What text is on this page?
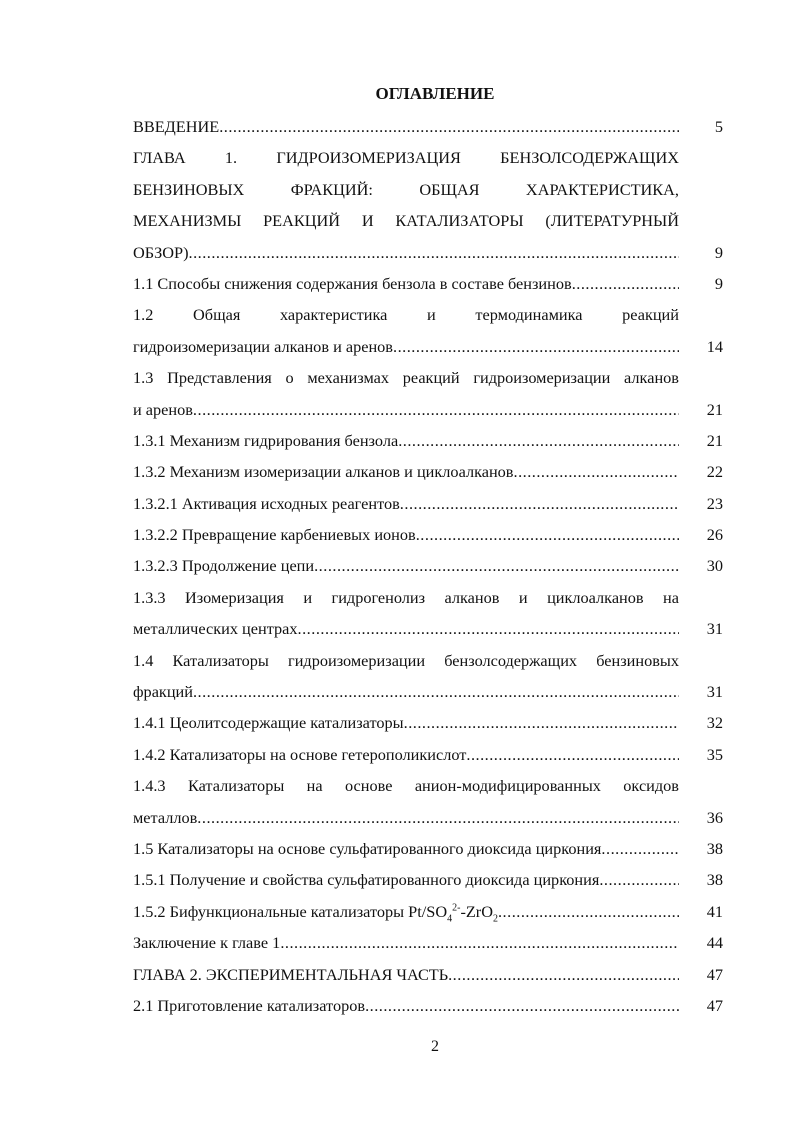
ОГЛАВЛЕНИЕ
ВВЕДЕНИЕ .....	5
ГЛАВА 1. ГИДРОИЗОМЕРИЗАЦИЯ БЕНЗОЛСОДЕРЖАЩИХ
БЕНЗИНОВЫХ ФРАКЦИЙ: ОБЩАЯ ХАРАКТЕРИСТИКА,
МЕХАНИЗМЫ РЕАКЦИЙ И КАТАЛИЗАТОРЫ (ЛИТЕРАТУРНЫЙ
ОБЗОР) .....	9
1.1 Способы снижения содержания бензола в составе бензинов .....	9
1.2 Общая характеристика и термодинамика реакций
гидроизомеризации алканов и аренов .....	14
1.3 Представления о механизмах реакций гидроизомеризации алканов
и аренов .....	21
1.3.1 Механизм гидрирования бензола .....	21
1.3.2 Механизм изомеризации алканов и циклоалканов .....	22
1.3.2.1 Активация исходных реагентов .....	23
1.3.2.2 Превращение карбениевых ионов .....	26
1.3.2.3 Продолжение цепи .....	30
1.3.3 Изомеризация и гидрогенолиз алканов и циклоалканов на
металлических центрах .....	31
1.4 Катализаторы гидроизомеризации бензолсодержащих бензиновых
фракций .....	31
1.4.1 Цеолитсодержащие катализаторы .....	32
1.4.2 Катализаторы на основе гетерополикислот .....	35
1.4.3 Катализаторы на основе анион-модифицированных оксидов
металлов .....	36
1.5 Катализаторы на основе сульфатированного диоксида циркония .....	38
1.5.1 Получение и свойства сульфатированного диоксида циркония .....	38
1.5.2 Бифункциональные катализаторы $Pt/SO_4^{2-}-ZrO_2$ .....	41
Заключение к главе 1 .....	44
ГЛАВА 2. ЭКСПЕРИМЕНТАЛЬНАЯ ЧАСТЬ .....	47
2.1 Приготовление катализаторов .....	47
2
